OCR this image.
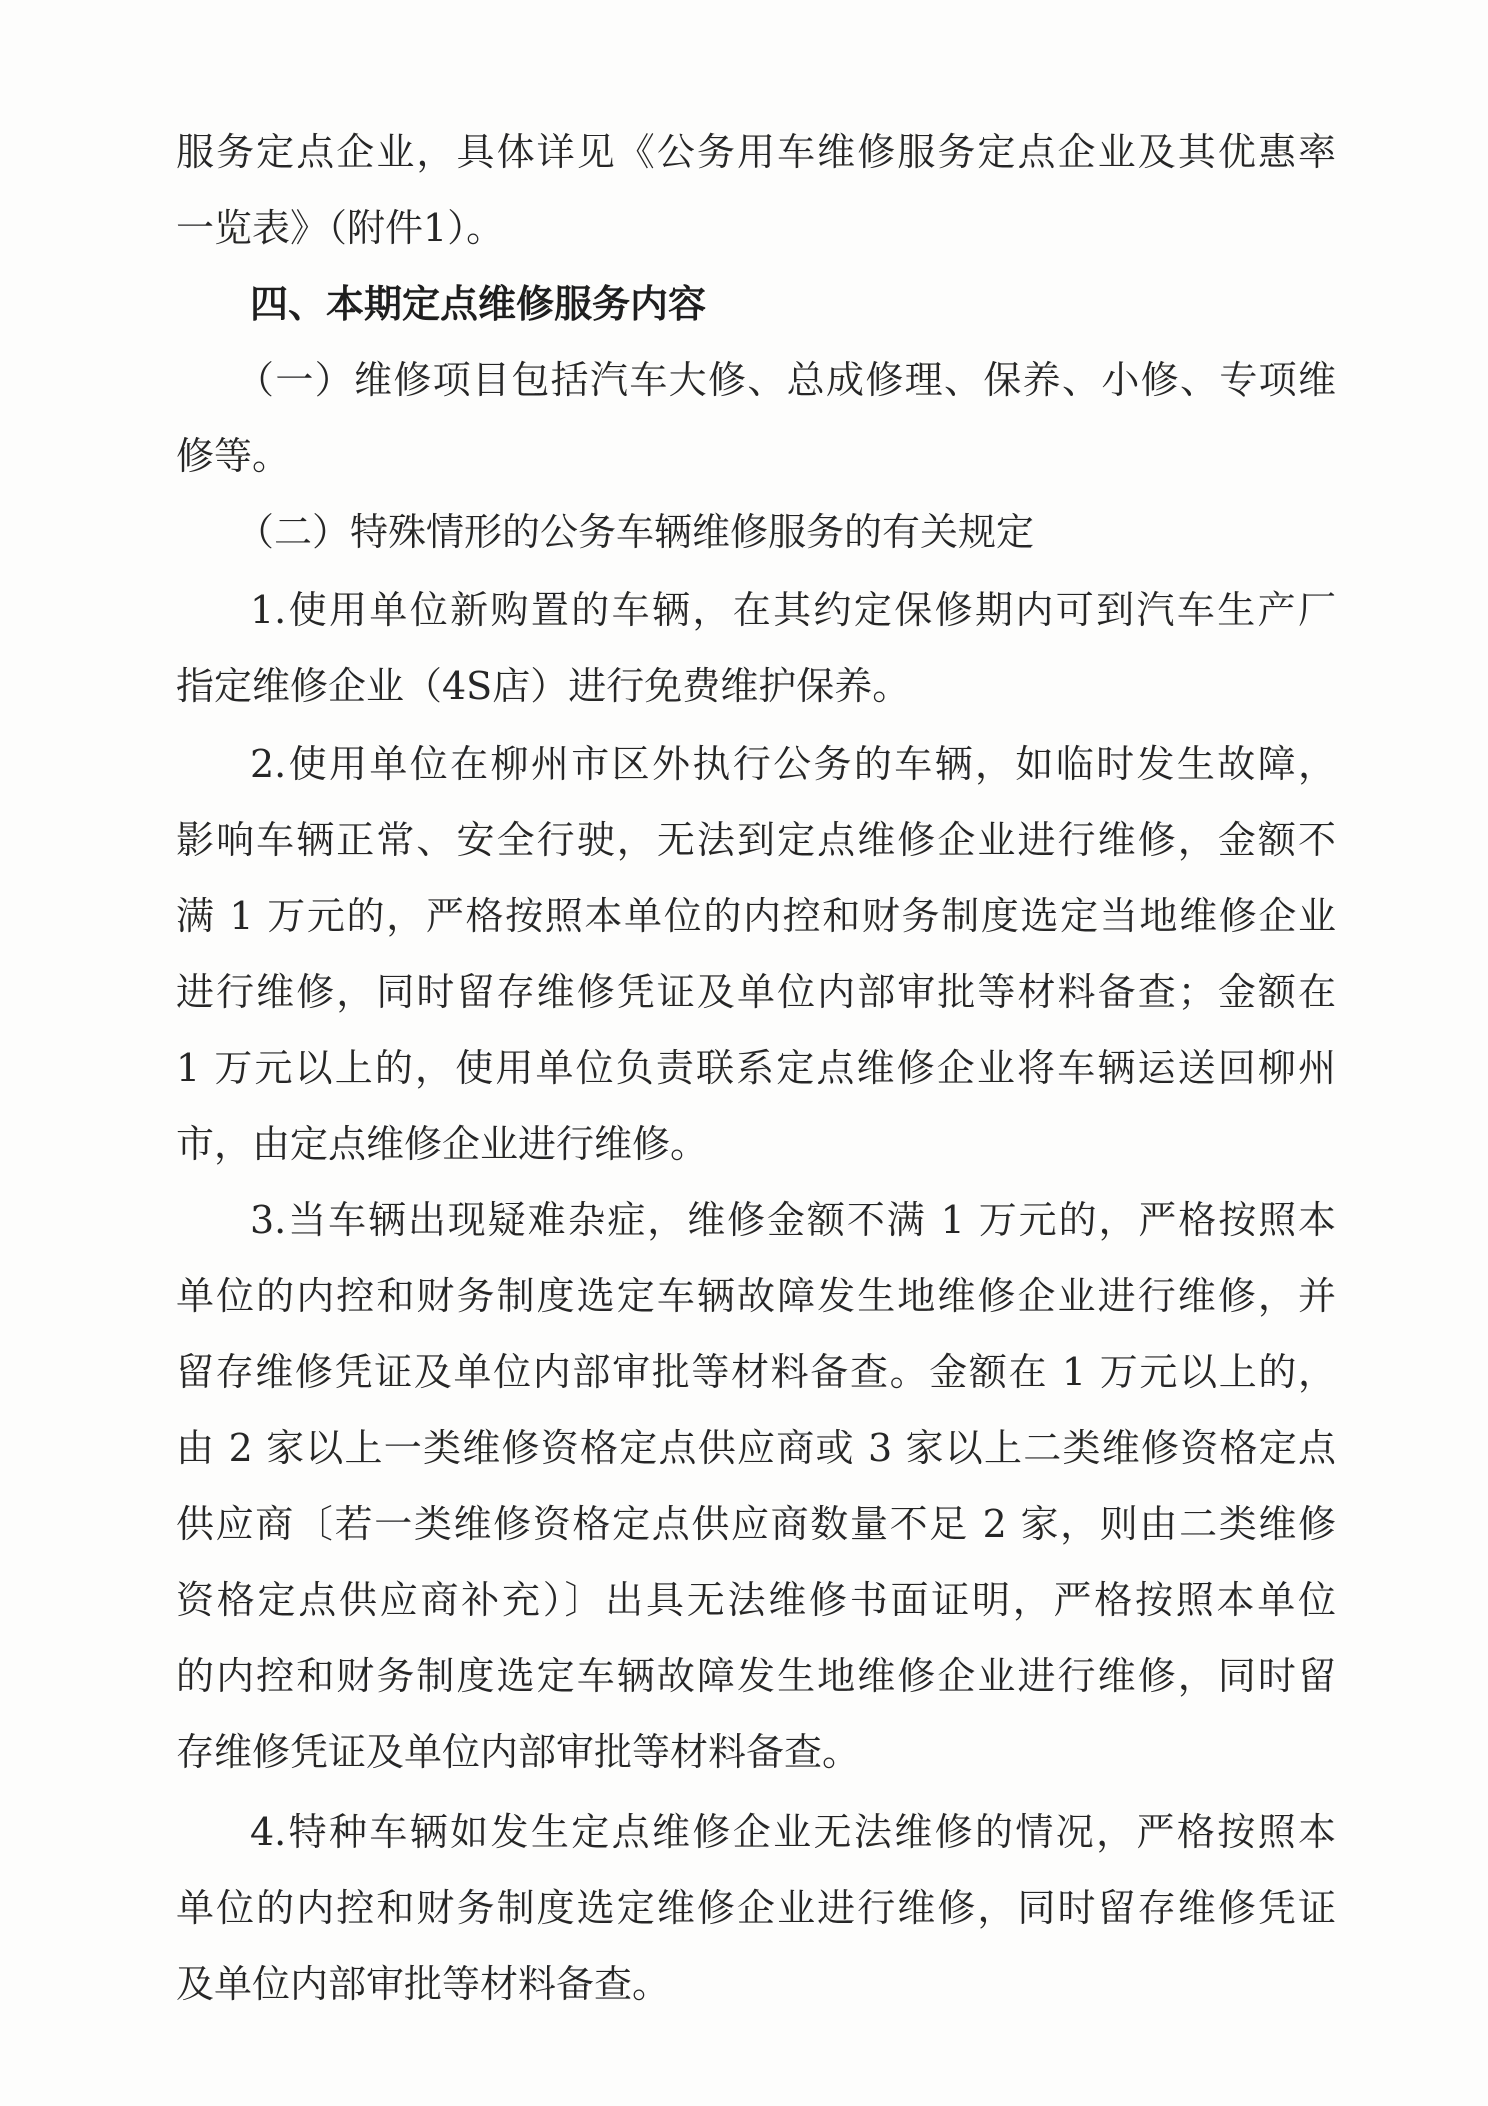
服务定点企业，具体详见《公务用车维修服务定点企业及其优惠率

一览表》（附件1）。

四、本期定点维修服务内容

（一）维修项目包括汽车大修、总成修理、保养、小修、专项维

修等。

（二）特殊情形的公务车辆维修服务的有关规定

1.使用单位新购置的车辆，在其约定保修期内可到汽车生产厂

指定维修企业（4S店）进行免费维护保养。

2.使用单位在柳州市区外执行公务的车辆，如临时发生故障，

影响车辆正常、安全行驶，无法到定点维修企业进行维修，金额不

满 1 万元的，严格按照本单位的内控和财务制度选定当地维修企业

进行维修，同时留存维修凭证及单位内部审批等材料备查；金额在

1 万元以上的，使用单位负责联系定点维修企业将车辆运送回柳州

市，由定点维修企业进行维修。

3.当车辆出现疑难杂症，维修金额不满 1 万元的，严格按照本

单位的内控和财务制度选定车辆故障发生地维修企业进行维修，并

留存维修凭证及单位内部审批等材料备查。金额在 1 万元以上的，

由 2 家以上一类维修资格定点供应商或 3 家以上二类维修资格定点

供应商〔若一类维修资格定点供应商数量不足 2 家，则由二类维修

资格定点供应商补充）〕出具无法维修书面证明，严格按照本单位

的内控和财务制度选定车辆故障发生地维修企业进行维修，同时留

存维修凭证及单位内部审批等材料备查。

4.特种车辆如发生定点维修企业无法维修的情况，严格按照本

单位的内控和财务制度选定维修企业进行维修，同时留存维修凭证

及单位内部审批等材料备查。
